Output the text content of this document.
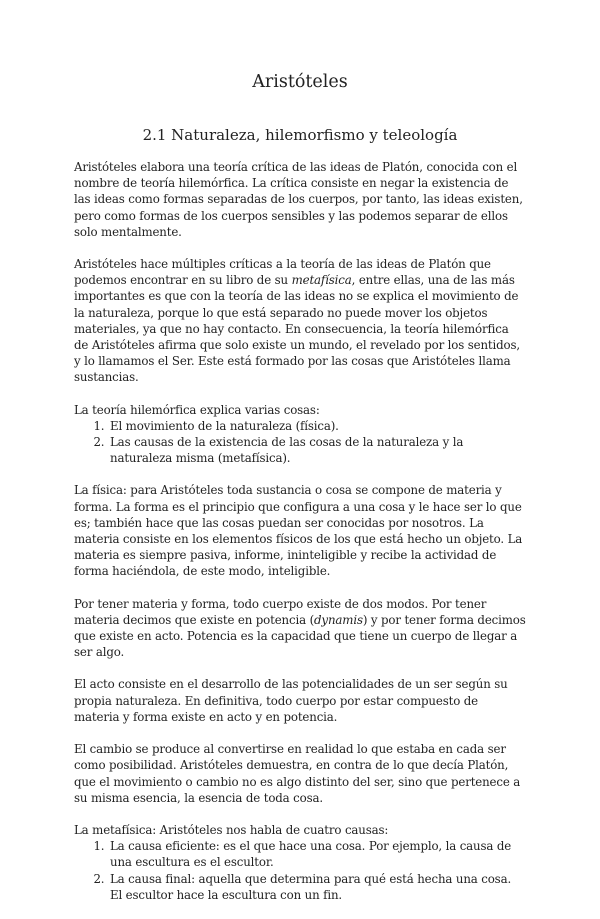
Aristóteles
2.1 Naturaleza, hilemorfismo y teleología

Aristóteles elabora una teoría crítica de las ideas de Platón, conocida con el nombre de teoría hilemórfica. La crítica consiste en negar la existencia de las ideas como formas separadas de los cuerpos, por tanto, las ideas existen, pero como formas de los cuerpos sensibles y las podemos separar de ellos solo mentalmente.

Aristóteles hace múltiples críticas a la teoría de las ideas de Platón que podemos encontrar en su libro de su metafísica, entre ellas, una de las más importantes es que con la teoría de las ideas no se explica el movimiento de la naturaleza, porque lo que está separado no puede mover los objetos materiales, ya que no hay contacto. En consecuencia, la teoría hilemórfica de Aristóteles afirma que solo existe un mundo, el revelado por los sentidos, y lo llamamos el Ser. Este está formado por las cosas que Aristóteles llama sustancias.

La teoría hilemórfica explica varias cosas:

1. El movimiento de la naturaleza (física).
2. Las causas de la existencia de las cosas de la naturaleza y la naturaleza misma (metafísica).

La física: para Aristóteles toda sustancia o cosa se compone de materia y forma. La forma es el principio que configura a una cosa y le hace ser lo que es; también hace que las cosas puedan ser conocidas por nosotros. La materia consiste en los elementos físicos de los que está hecho un objeto. La materia es siempre pasiva, informe, ininteligible y recibe la actividad de forma haciéndola, de este modo, inteligible.

Por tener materia y forma, todo cuerpo existe de dos modos. Por tener materia decimos que existe en potencia (dynamis) y por tener forma decimos que existe en acto. Potencia es la capacidad que tiene un cuerpo de llegar a ser algo.

El acto consiste en el desarrollo de las potencialidades de un ser según su propia naturaleza. En definitiva, todo cuerpo por estar compuesto de materia y forma existe en acto y en potencia.

El cambio se produce al convertirse en realidad lo que estaba en cada ser como posibilidad. Aristóteles demuestra, en contra de lo que decía Platón, que el movimiento o cambio no es algo distinto del ser, sino que pertenece a su misma esencia, la esencia de toda cosa.

La metafísica: Aristóteles nos habla de cuatro causas:

1. La causa eficiente: es el que hace una cosa. Por ejemplo, la causa de una escultura es el escultor.
2. La causa final: aquella que determina para qué está hecha una cosa. El escultor hace la escultura con un fin.
